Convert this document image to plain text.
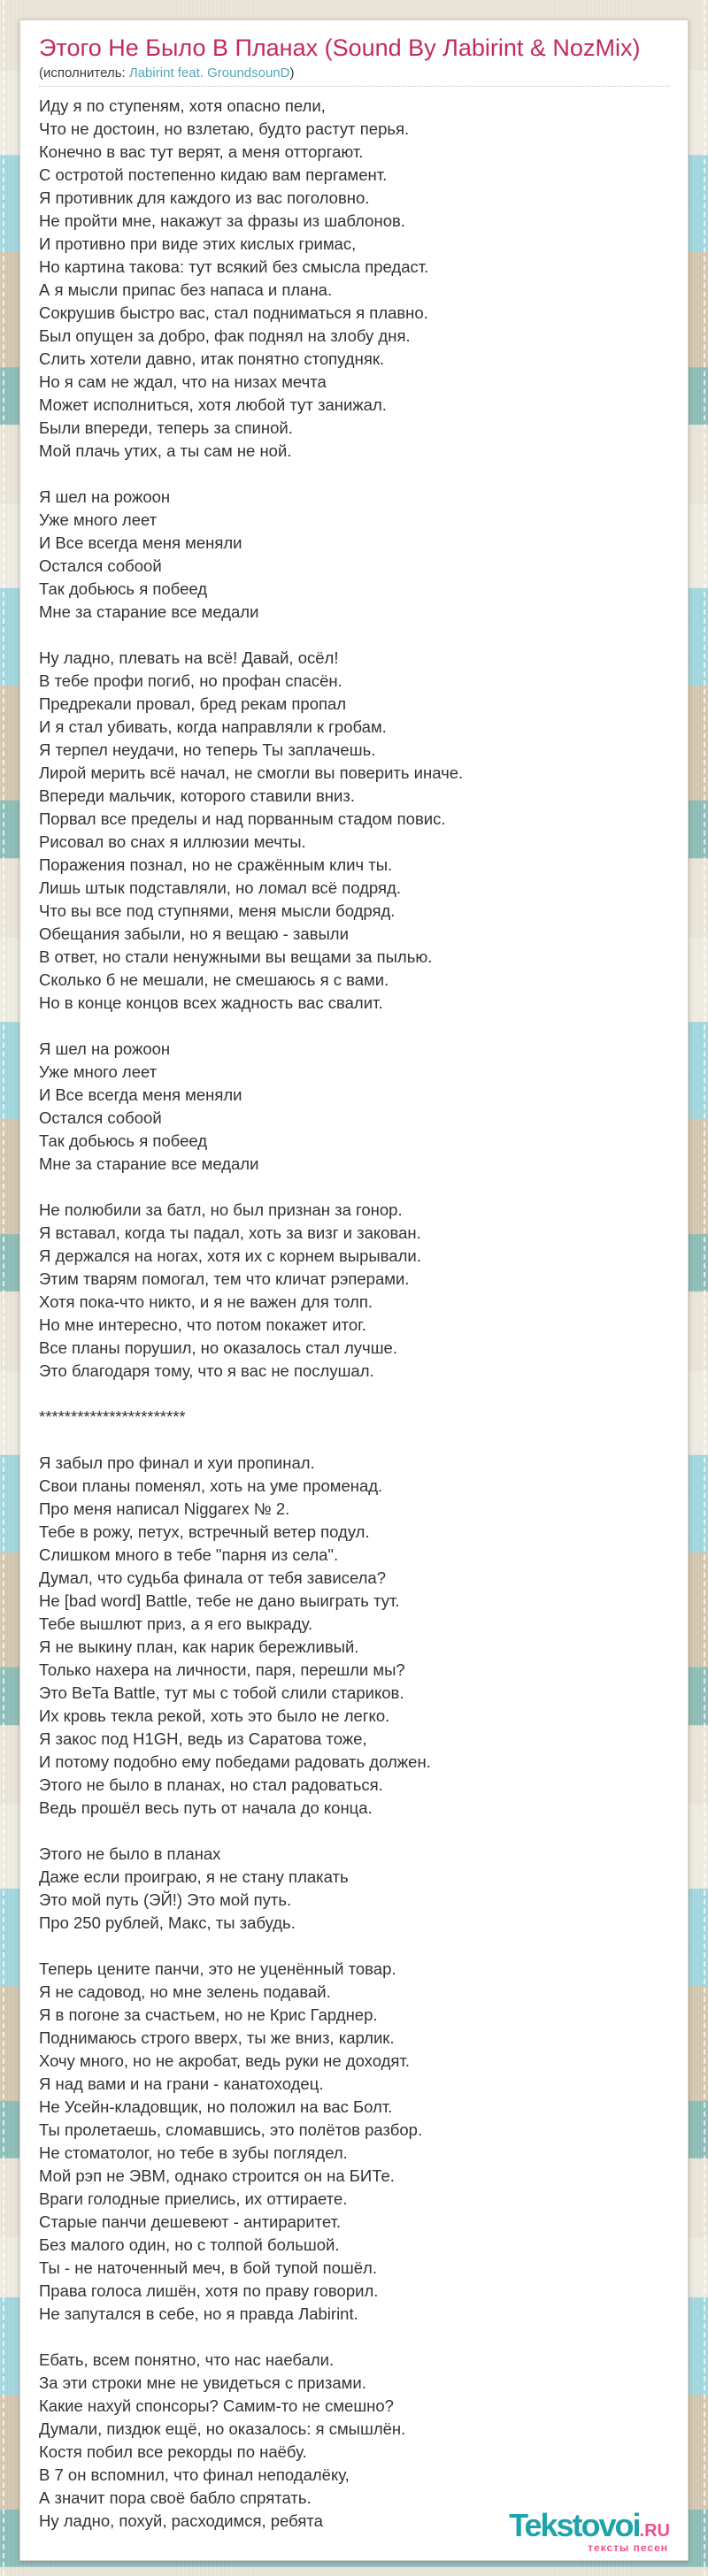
Этого Не Было В Планах (Sound By Лabirint & NozMix)
(исполнитель: Лabirint feat. GroundsounD)

Иду я по ступеням, хотя опасно пели,
Что не достоин, но взлетаю, будто растут перья.
Конечно в вас тут верят, а меня отторгают.
С остротой постепенно кидаю вам пергамент.
Я противник для каждого из вас поголовно.
Не пройти мне, накажут за фразы из шаблонов.
И противно при виде этих кислых гримас,
Но картина такова: тут всякий без смысла предаст.
А я мысли припас без напаса и плана.
Сокрушив быстро вас, стал подниматься я плавно.
Был опущен за добро, фак поднял на злобу дня.
Слить хотели давно, итак понятно стопудняк.
Но я сам не ждал, что на низах мечта
Может исполниться, хотя любой тут занижал.
Были впереди, теперь за спиной.
Мой плачь утих, а ты сам не ной.

Я шел на рожоон
Уже много леет
И Все всегда меня меняли
Остался собоой
Так добьюсь я побеед
Мне за старание все медали

Ну ладно, плевать на всё! Давай, осёл!
В тебе профи погиб, но профан спасён.
Предрекали провал, бред рекам пропал
И я стал убивать, когда направляли к гробам.
Я терпел неудачи, но теперь Ты заплачешь.
Лирой мерить всё начал, не смогли вы поверить иначе.
Впереди мальчик, которого ставили вниз.
Порвал все пределы и над порванным стадом повис.
Рисовал во снах я иллюзии мечты.
Поражения познал, но не сражённым клич ты.
Лишь штык подставляли, но ломал всё подряд.
Что вы все под ступнями, меня мысли бодряд.
Обещания забыли, но я вещаю - завыли
В ответ, но стали ненужными вы вещами за пылью.
Сколько б не мешали, не смешаюсь я с вами.
Но в конце концов всех жадность вас свалит.

Я шел на рожоон
Уже много леет
И Все всегда меня меняли
Остался собоой
Так добьюсь я побеед
Мне за старание все медали

Не полюбили за батл, но был признан за гонор.
Я вставал, когда ты падал, хоть за визг и закован.
Я держался на ногах, хотя их с корнем вырывали.
Этим тварям помогал, тем что кличат рэперами.
Хотя пока-что никто, и я не важен для толп.
Но мне интересно, что потом покажет итог.
Все планы порушил, но оказалось стал лучше.
Это благодаря тому, что я вас не послушал.

***********************

Я забыл про финал и хуи пропинал.
Свои планы поменял, хоть на уме променад.
Про меня написал Niggarex № 2.
Тебе в рожу, петух, встречный ветер подул.
Слишком много в тебе "парня из села".
Думал, что судьба финала от тебя зависела?
Не [bad word] Battle, тебе не дано выиграть тут.
Тебе вышлют приз, а я его выкраду.
Я не выкину план, как нарик бережливый.
Только нахера на личности, паря, перешли мы?
Это BeTa Battle, тут мы с тобой слили стариков.
Их кровь текла рекой, хоть это было не легко.
Я закос под H1GH, ведь из Саратова тоже,
И потому подобно ему победами радовать должен.
Этого не было в планах, но стал радоваться.
Ведь прошёл весь путь от начала до конца.

Этого не было в планах
Даже если проиграю, я не стану плакать
Это мой путь (ЭЙ!) Это мой путь.
Про 250 рублей, Макс, ты забудь.

Теперь цените панчи, это не уценённый товар.
Я не садовод, но мне зелень подавай.
Я в погоне за счастьем, но не Крис Гарднер.
Поднимаюсь строго вверх, ты же вниз, карлик.
Хочу много, но не акробат, ведь руки не доходят.
Я над вами и на грани - канатоходец.
Не Усейн-кладовщик, но положил на вас Болт.
Ты пролетаешь, сломавшись, это полётов разбор.
Не стоматолог, но тебе в зубы поглядел.
Мой рэп не ЭВМ, однако строится он на БИТе.
Враги голодные приелись, их оттираете.
Старые панчи дешевеют - антираритет.
Без малого один, но с толпой большой.
Ты - не наточенный меч, в бой тупой пошёл.
Права голоса лишён, хотя по праву говорил.
Не запутался в себе, но я правда Лabirint.

Ебать, всем понятно, что нас наебали.
За эти строки мне не увидеться с призами.
Какие нахуй спонсоры? Самим-то не смешно?
Думали, пиздюк ещё, но оказалось: я смышлён.
Костя побил все рекорды по наёбу.
В 7 он вспомнил, что финал неподалёку,
А значит пора своё бабло спрятать.
Ну ладно, похуй, расходимся, ребята	Tekstovoi.RU
тексты песен
